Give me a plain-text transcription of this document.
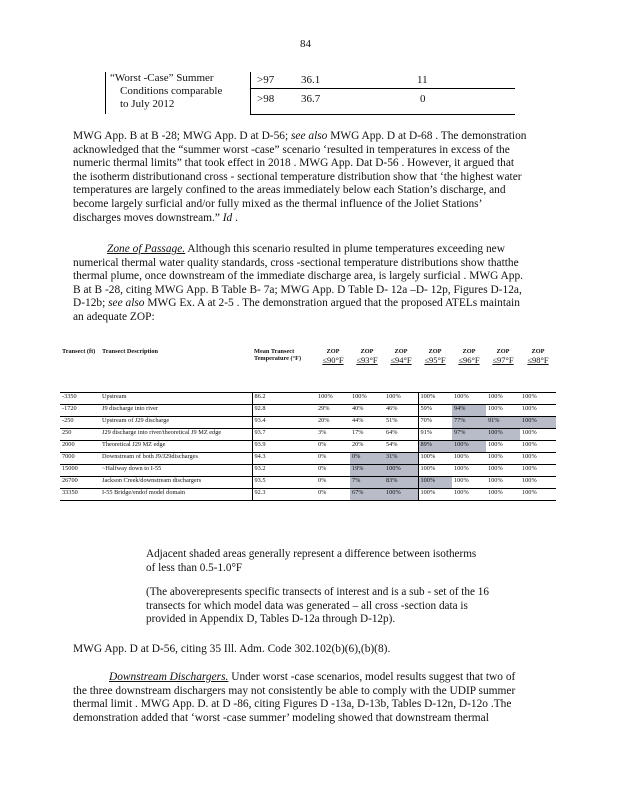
84
“Worst -Case” Summer
Conditions comparable
to July 2012
>97 36.1	11
>98 36.7	0
MWG App. B at B -28; MWG App. D at D-56; see also MWG App. D at D-68 . The demonstration
acknowledged that the “summer worst -case” scenario ‘resulted in temperatures in excess of the
numeric thermal limits” that took effect in 2018 . MWG App. Dat D-56 . However, it argued that
the isotherm distributionand cross - sectional temperature distribution show that ‘the highest water
temperatures are largely confined to the areas immediately below each Station’s discharge, and
become largely surficial and/or fully mixed as the thermal influence of the Joliet Stations’
discharges moves downstream.” Id .
Zone of Passage. Although this scenario resulted in plume temperatures exceeding new
numerical thermal water quality standards, cross -sectional temperature distributions show thatthe
thermal plume, once downstream of the immediate discharge area, is largely surficial . MWG App.
B at B -28, citing MWG App. B Table B- 7a; MWG App. D Table D- 12a –D- 12p, Figures D-12a,
D-12b; see also MWG Ex. A at 2-5 . The demonstration argued that the proposed ATELs maintain
an adequate ZOP:
Transect (ft)	Transect Description	Mean Transect Temperature (°F)	ZOP
≤90°F	ZOP
≤93°F	ZOP
≤94°F	ZOP
≤95°F	ZOP
≤96°F	ZOP
≤97°F	ZOP
≤98°F

-3350	Upstream	86.2	100%	100%	100%	100%	100%	100%	100%
-1720	J9 discharge into river	92.8	29%	40%	46%	59%	94%	100%	100%
-250	Upstream of J29 discharge	93.4	20%	44%	51%	70%	77%	91%	100%
250	J29 discharge into river/theoretical J9 MZ edge	93.7	3%	17%	64%	91%	97%	100%	100%
2000	Theoretical J29 MZ edge	93.9	0%	20%	54%	89%	100%	100%	100%
7000	Downstream of both J9/J29discharges	94.3	0%	0%	31%	100%	100%	100%	100%
15000	~Halfway down to I-55	93.2	0%	19%	100%	100%	100%	100%	100%
26700	Jackson Creek/downstream dischargers	93.5	0%	7%	83%	100%	100%	100%	100%
33350	I-55 Bridge/endof model domain	92.3	0%	67%	100%	100%	100%	100%	100%
Adjacent shaded areas generally represent a difference between isotherms
of less than 0.5-1.0°F
(The aboverepresents specific transects of interest and is a sub - set of the 16
transects for which model data was generated – all cross -section data is
provided in Appendix D, Tables D-12a through D-12p).
MWG App. D at D-56, citing 35 Ill. Adm. Code 302.102(b)(6),(b)(8).
Downstream Dischargers. Under worst -case scenarios, model results suggest that two of
the three downstream dischargers may not consistently be able to comply with the UDIP summer
thermal limit . MWG App. D. at D -86, citing Figures D -13a, D-13b, Tables D-12n, D-12o .The
demonstration added that ‘worst -case summer’ modeling showed that downstream thermal
